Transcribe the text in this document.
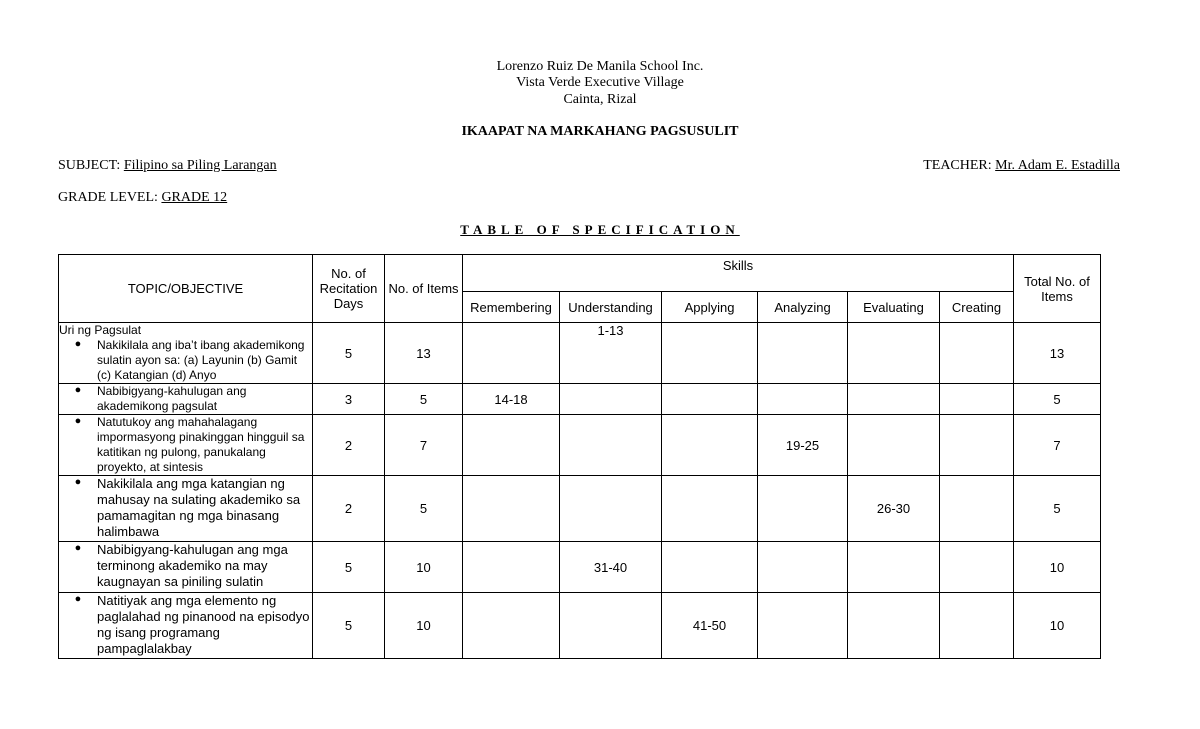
Lorenzo Ruiz De Manila School Inc.
Vista Verde Executive Village
Cainta, Rizal
IKAAPAT NA MARKAHANG PAGSUSULIT
SUBJECT: Filipino sa Piling Larangan	TEACHER: Mr. Adam E. Estadilla
GRADE LEVEL: GRADE 12
TABLE OF SPECIFICATION
TOPIC/OBJECTIVE	No. of Recitation Days	No. of Items	Skills						Total No. of Items
			Remembering	Understanding	Applying	Analyzing	Evaluating	Creating	

Uri ng Pagsulat
● Nakikilala ang iba’t ibang akademikong sulatin ayon sa: (a) Layunin (b) Gamit (c) Katangian (d) Anyo	5	13		1-13					13

● Nabibigyang-kahulugan ang akademikong pagsulat	3	5	14-18						5

● Natutukoy ang mahahalagang impormasyong pinakinggan hingguil sa katitikan ng pulong, panukalang proyekto, at sintesis	2	7				19-25			7

● Nakikilala ang mga katangian ng mahusay na sulating akademiko sa pamamagitan ng mga binasang halimbawa	2	5					26-30		5

● Nabibigyang-kahulugan ang mga terminong akademiko na may kaugnayan sa piniling sulatin	5	10		31-40					10

● Natitiyak ang mga elemento ng paglalahad ng pinanood na episodyo ng isang programang pampaglalakbay	5	10			41-50				10
